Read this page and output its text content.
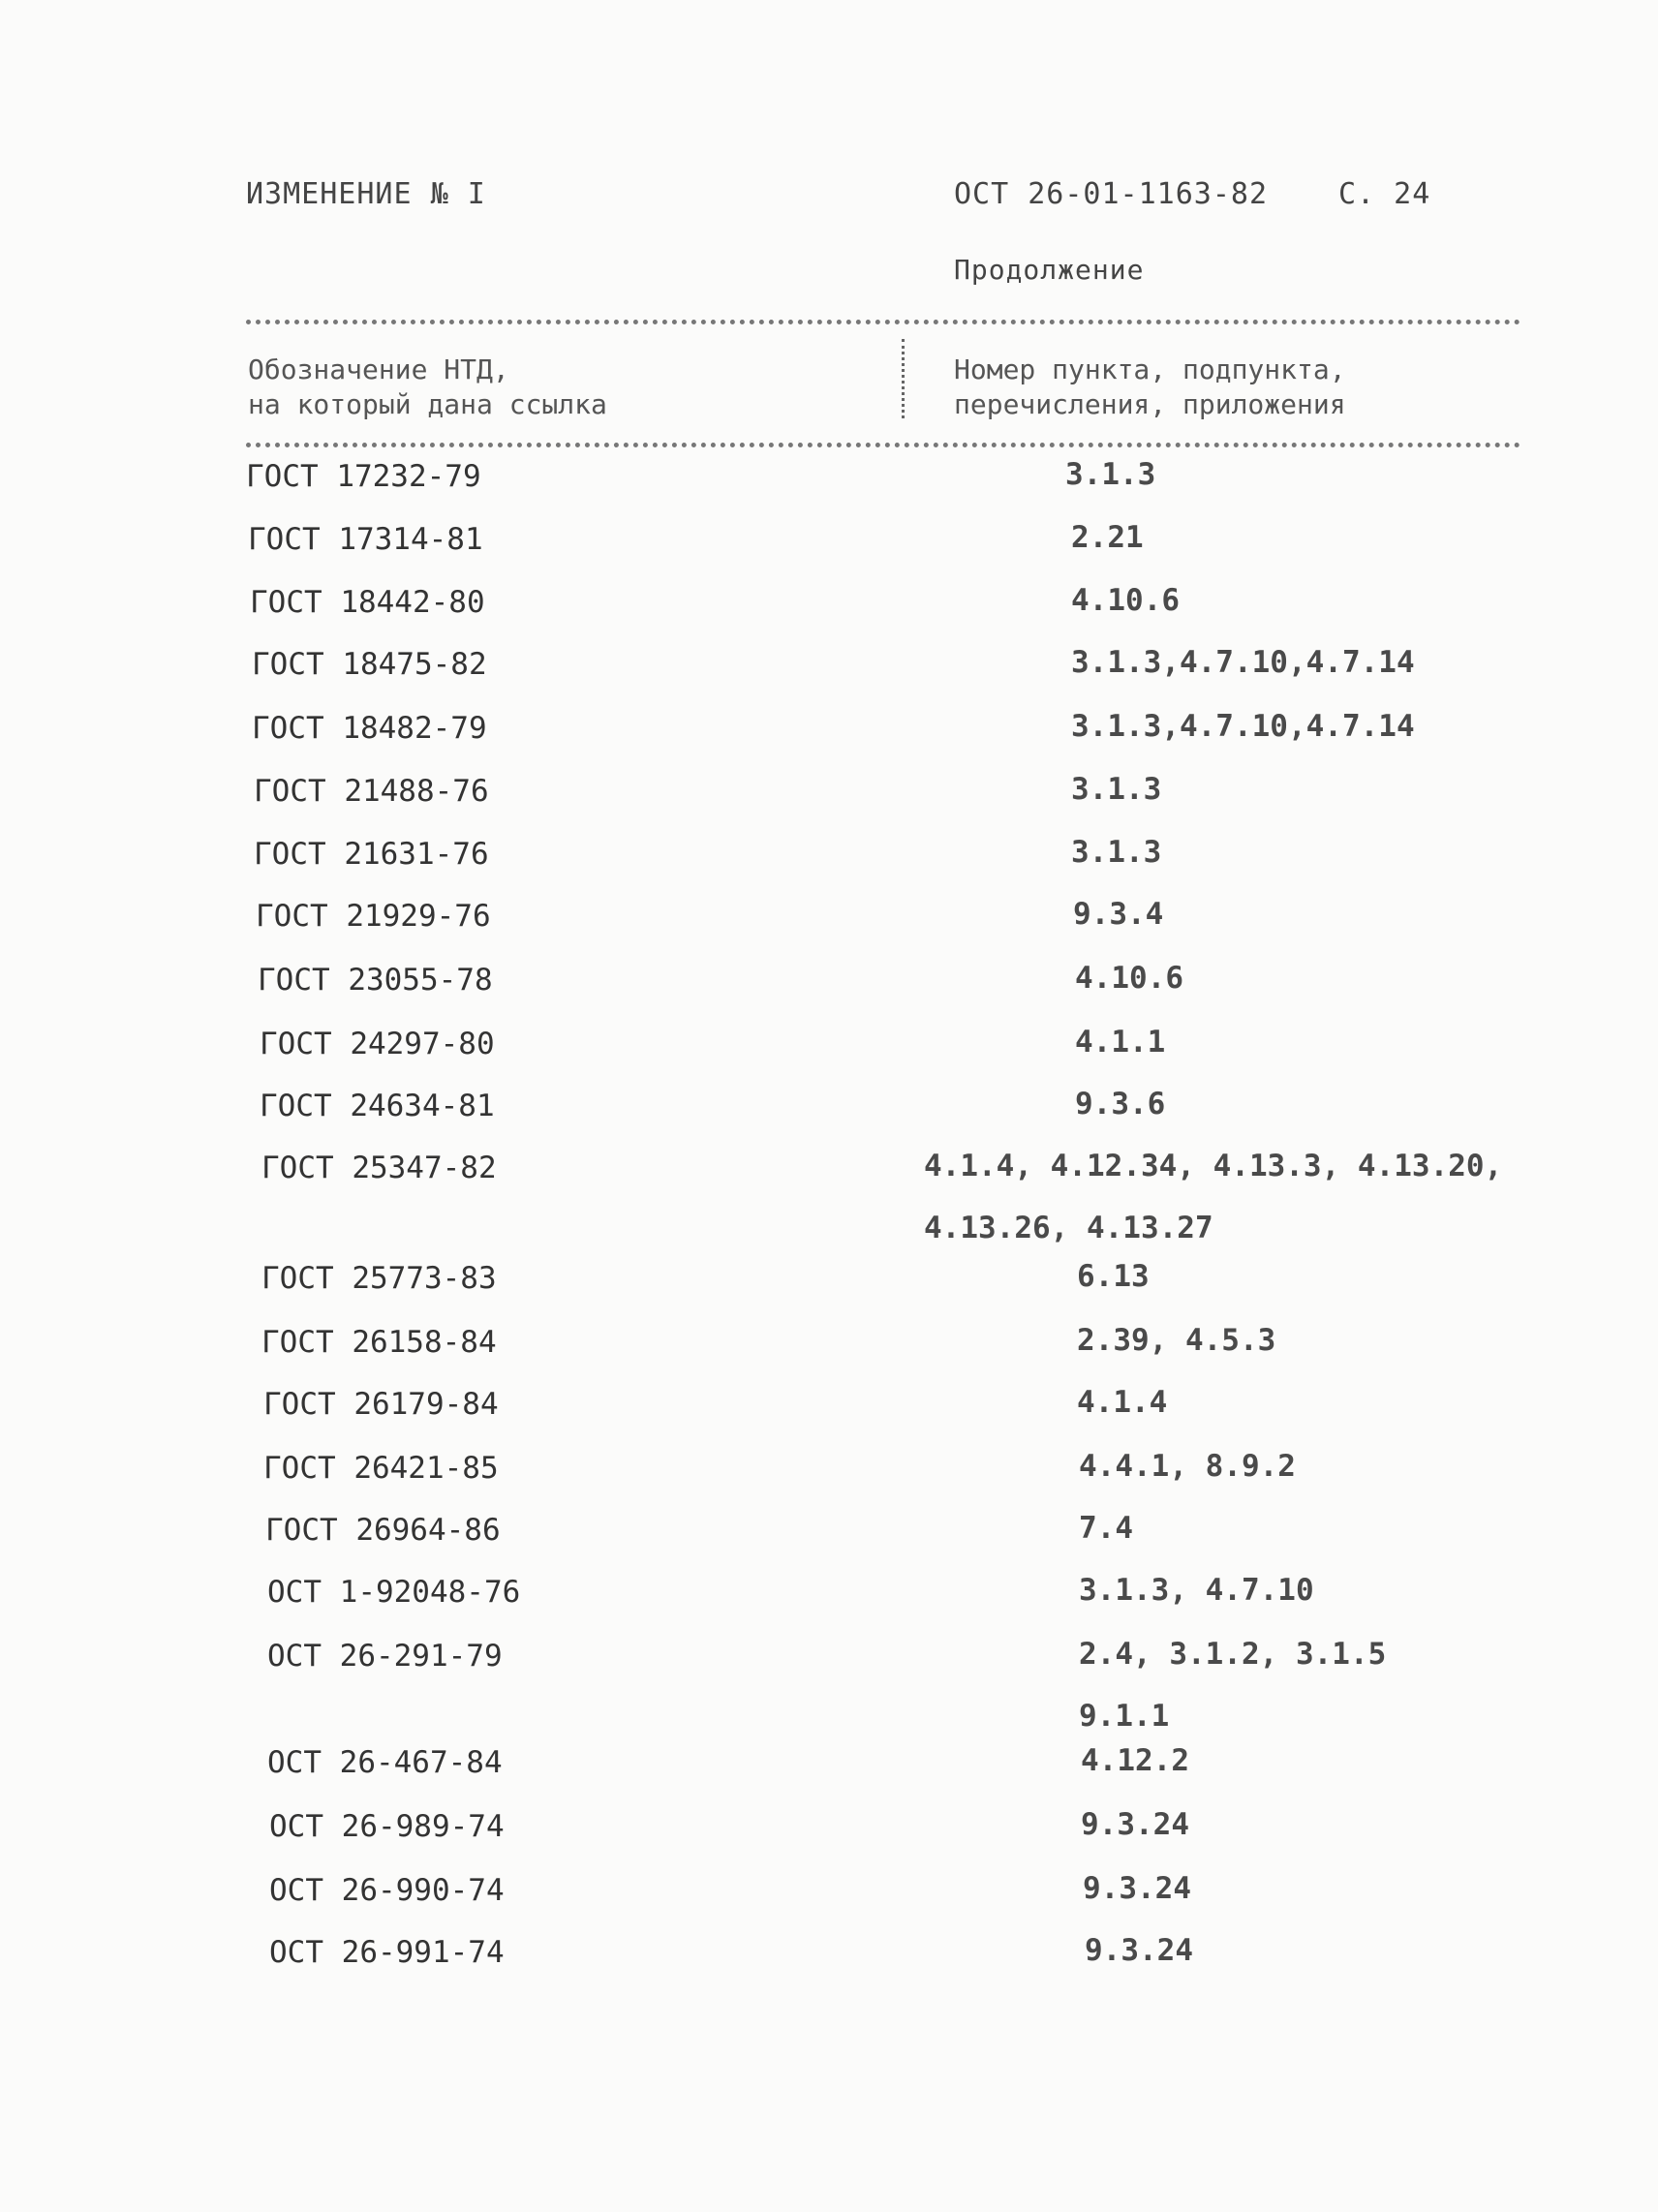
ИЗМЕНЕНИЕ № I	ОСТ 26-01-1163-82 С. 24
Продолжение
Обозначение НТД,
на который дана ссылка
Номер пункта, подпункта,
перечисления, приложения
ГОСТ 17232-79	3.1.3
ГОСТ 17314-81	2.21
ГОСТ 18442-80	4.10.6
ГОСТ 18475-82	3.1.3,4.7.10,4.7.14
ГОСТ 18482-79	3.1.3,4.7.10,4.7.14
ГОСТ 21488-76	3.1.3
ГОСТ 21631-76	3.1.3
ГОСТ 21929-76	9.3.4
ГОСТ 23055-78	4.10.6
ГОСТ 24297-80	4.1.1
ГОСТ 24634-81	9.3.6
ГОСТ 25347-82	4.1.4, 4.12.34, 4.13.3, 4.13.20,
4.13.26, 4.13.27
ГОСТ 25773-83	6.13
ГОСТ 26158-84	2.39, 4.5.3
ГОСТ 26179-84	4.1.4
ГОСТ 26421-85	4.4.1, 8.9.2
ГОСТ 26964-86	7.4
ОСТ 1-92048-76	3.1.3, 4.7.10
ОСТ 26-291-79	2.4, 3.1.2, 3.1.5
9.1.1
ОСТ 26-467-84	4.12.2
ОСТ 26-989-74	9.3.24
ОСТ 26-990-74	9.3.24
ОСТ 26-991-74	9.3.24
